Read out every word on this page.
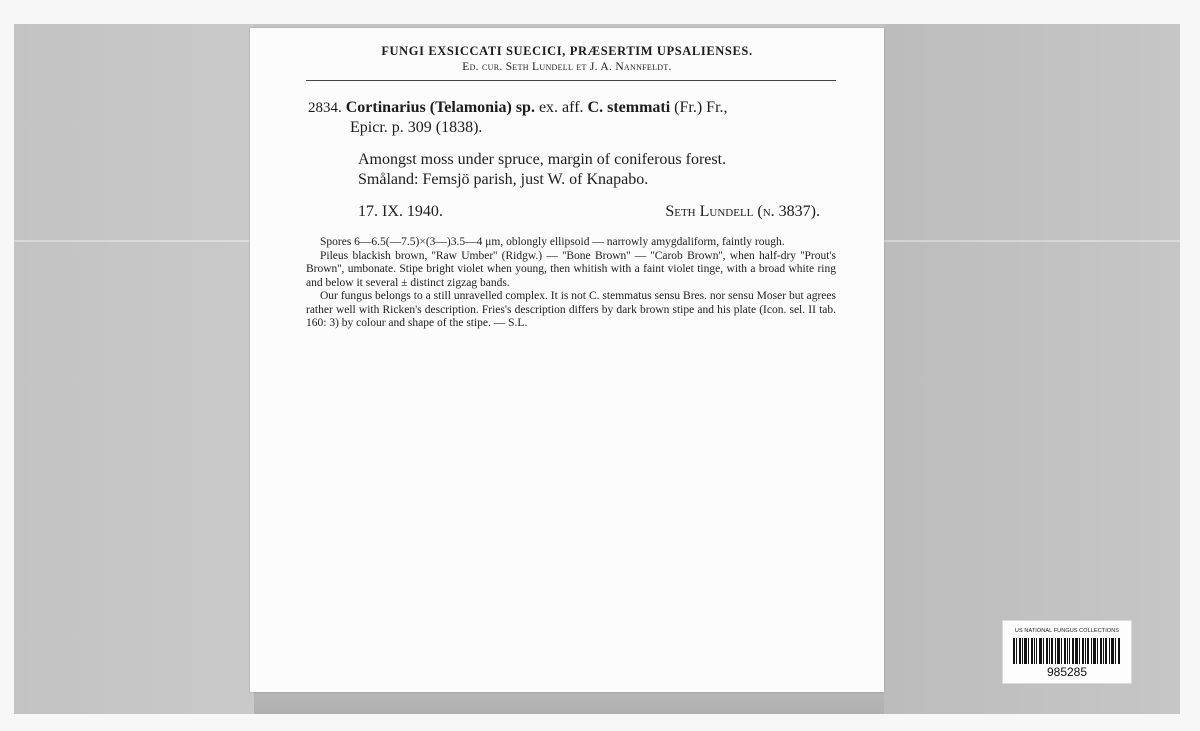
FUNGI EXSICCATI SUECICI, PRÆSERTIM UPSALIENSES.
Ed. cur. Seth Lundell et J. A. Nannfeldt.
2834. Cortinarius (Telamonia) sp. ex. aff. C. stemmati (Fr.) Fr.,
Epicr. p. 309 (1838).
Amongst moss under spruce, margin of coniferous forest.
Småland: Femsjö parish, just W. of Knapabo.
17. IX. 1940.	Seth Lundell (n. 3837).

Spores 6—6.5(—7.5)×(3—)3.5—4 μm, oblongly ellipsoid — narrowly amygdaliform, faintly rough.

Pileus blackish brown, ''Raw Umber'' (Ridgw.) — ''Bone Brown'' — ''Carob Brown'', when half-dry ''Prout's Brown'', umbonate. Stipe bright violet when young, then whitish with a faint violet tinge, with a broad white ring and below it several ± distinct zigzag bands.

Our fungus belongs to a still unravelled complex. It is not C. stemmatus sensu Bres. nor sensu Moser but agrees rather well with Ricken's description. Fries's description differs by dark brown stipe and his plate (Icon. sel. II tab. 160: 3) by colour and shape of the stipe. — S.L.

US NATIONAL FUNGUS COLLECTIONS
985285
